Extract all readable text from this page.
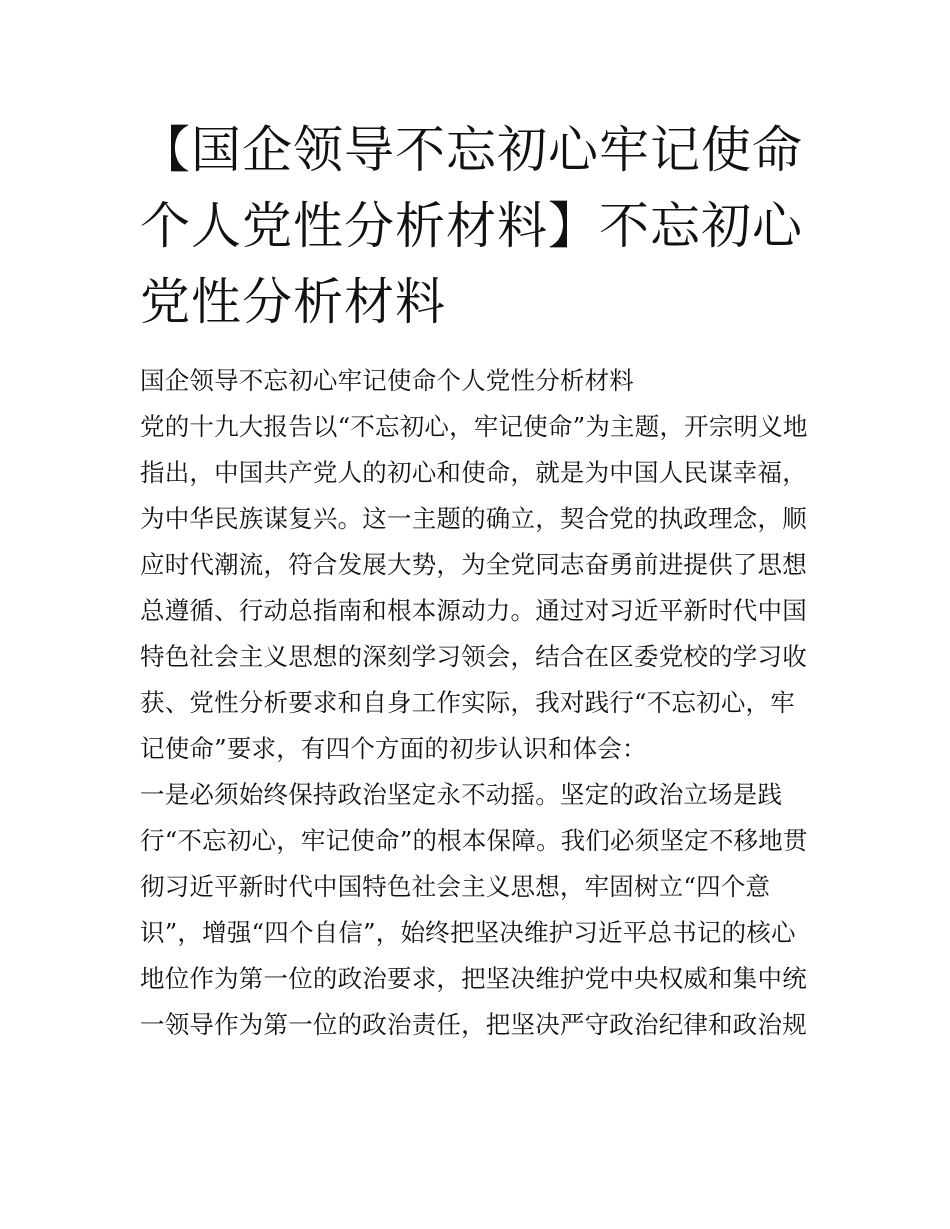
【国企领导不忘初心牢记使命
个人党性分析材料】不忘初心
党性分析材料
国企领导不忘初心牢记使命个人党性分析材料
党的十九大报告以“不忘初心，牢记使命”为主题，开宗明义地
指出，中国共产党人的初心和使命，就是为中国人民谋幸福，
为中华民族谋复兴。这一主题的确立，契合党的执政理念，顺
应时代潮流，符合发展大势，为全党同志奋勇前进提供了思想
总遵循、行动总指南和根本源动力。通过对习近平新时代中国
特色社会主义思想的深刻学习领会，结合在区委党校的学习收
获、党性分析要求和自身工作实际，我对践行“不忘初心，牢
记使命”要求，有四个方面的初步认识和体会：
一是必须始终保持政治坚定永不动摇。坚定的政治立场是践
行“不忘初心，牢记使命”的根本保障。我们必须坚定不移地贯
彻习近平新时代中国特色社会主义思想，牢固树立“四个意
识”，增强“四个自信”，始终把坚决维护习近平总书记的核心
地位作为第一位的政治要求，把坚决维护党中央权威和集中统
一领导作为第一位的政治责任，把坚决严守政治纪律和政治规
